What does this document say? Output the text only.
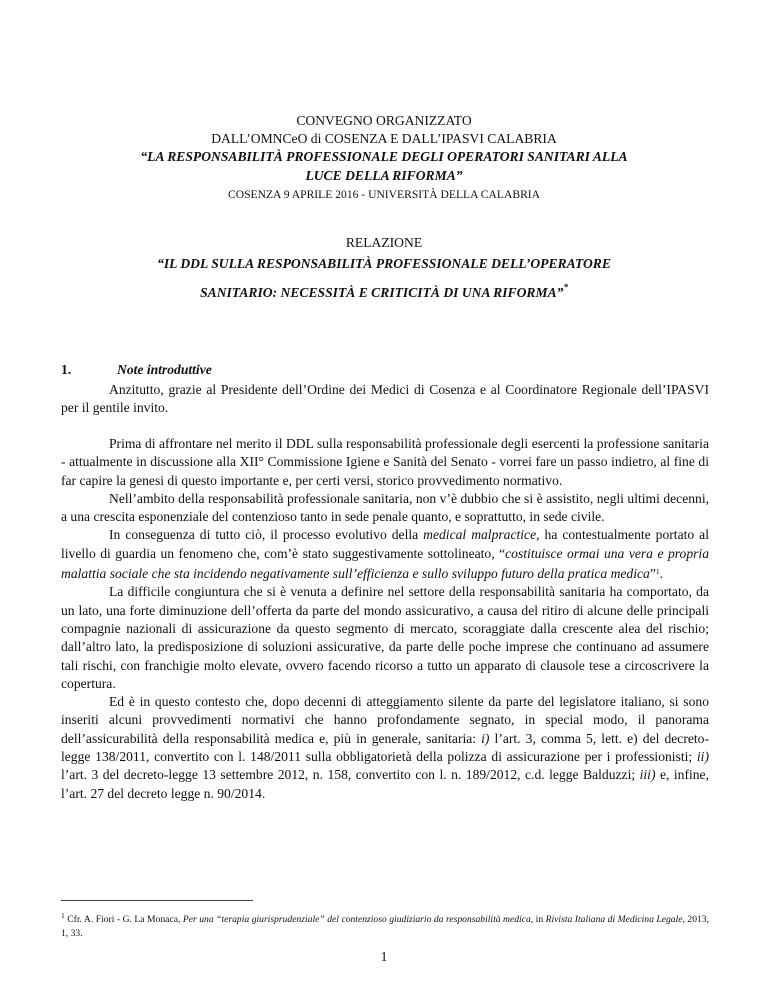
CONVEGNO ORGANIZZATO
DALL’OMNCeO di COSENZA E DALL’IPASVI CALABRIA
“LA RESPONSABILITÀ PROFESSIONALE DEGLI OPERATORI SANITARI ALLA
LUCE DELLA RIFORMA”
COSENZA 9 APRILE 2016 - UNIVERSITÀ DELLA CALABRIA
RELAZIONE
“IL DDL SULLA RESPONSABILITÀ PROFESSIONALE DELL’OPERATORE
SANITARIO: NECESSITÀ E CRITICITÀ DI UNA RIFORMA”*
1.	Note introduttive

Anzitutto, grazie al Presidente dell’Ordine dei Medici di Cosenza e al Coordinatore Regionale dell’IPASVI per il gentile invito.

Prima di affrontare nel merito il DDL sulla responsabilità professionale degli esercenti la professione sanitaria - attualmente in discussione alla XII° Commissione Igiene e Sanità del Senato - vorrei fare un passo indietro, al fine di far capire la genesi di questo importante e, per certi versi, storico provvedimento normativo.

Nell’ambito della responsabilità professionale sanitaria, non v’è dubbio che si è assistito, negli ultimi decenni, a una crescita esponenziale del contenzioso tanto in sede penale quanto, e soprattutto, in sede civile.

In conseguenza di tutto ciò, il processo evolutivo della medical malpractice, ha contestualmente portato al livello di guardia un fenomeno che, com’è stato suggestivamente sottolineato, “costituisce ormai una vera e propria malattia sociale che sta incidendo negativamente sull’efficienza e sullo sviluppo futuro della pratica medica”$^1$.

La difficile congiuntura che si è venuta a definire nel settore della responsabilità sanitaria ha comportato, da un lato, una forte diminuzione dell’offerta da parte del mondo assicurativo, a causa del ritiro di alcune delle principali compagnie nazionali di assicurazione da questo segmento di mercato, scoraggiate dalla crescente alea del rischio; dall’altro lato, la predisposizione di soluzioni assicurative, da parte delle poche imprese che continuano ad assumere tali rischi, con franchigie molto elevate, ovvero facendo ricorso a tutto un apparato di clausole tese a circoscrivere la copertura.

Ed è in questo contesto che, dopo decenni di atteggiamento silente da parte del legislatore italiano, si sono inseriti alcuni provvedimenti normativi che hanno profondamente segnato, in special modo, il panorama dell’assicurabilità della responsabilità medica e, più in generale, sanitaria: i) l’art. 3, comma 5, lett. e) del decreto-legge 138/2011, convertito con l. 148/2011 sulla obbligatorietà della polizza di assicurazione per i professionisti; ii) l’art. 3 del decreto-legge 13 settembre 2012, n. 158, convertito con l. n. 189/2012, c.d. legge Balduzzi; iii) e, infine, l’art. 27 del decreto legge n. 90/2014.

$^1$ Cfr. A. Fiori ‐ G. La Monaca, Per una “terapia giurisprudenziale” del contenzioso giudiziario da responsabilità medica, in Rivista Italiana di Medicina Legale, 2013, 1, 33.
1
